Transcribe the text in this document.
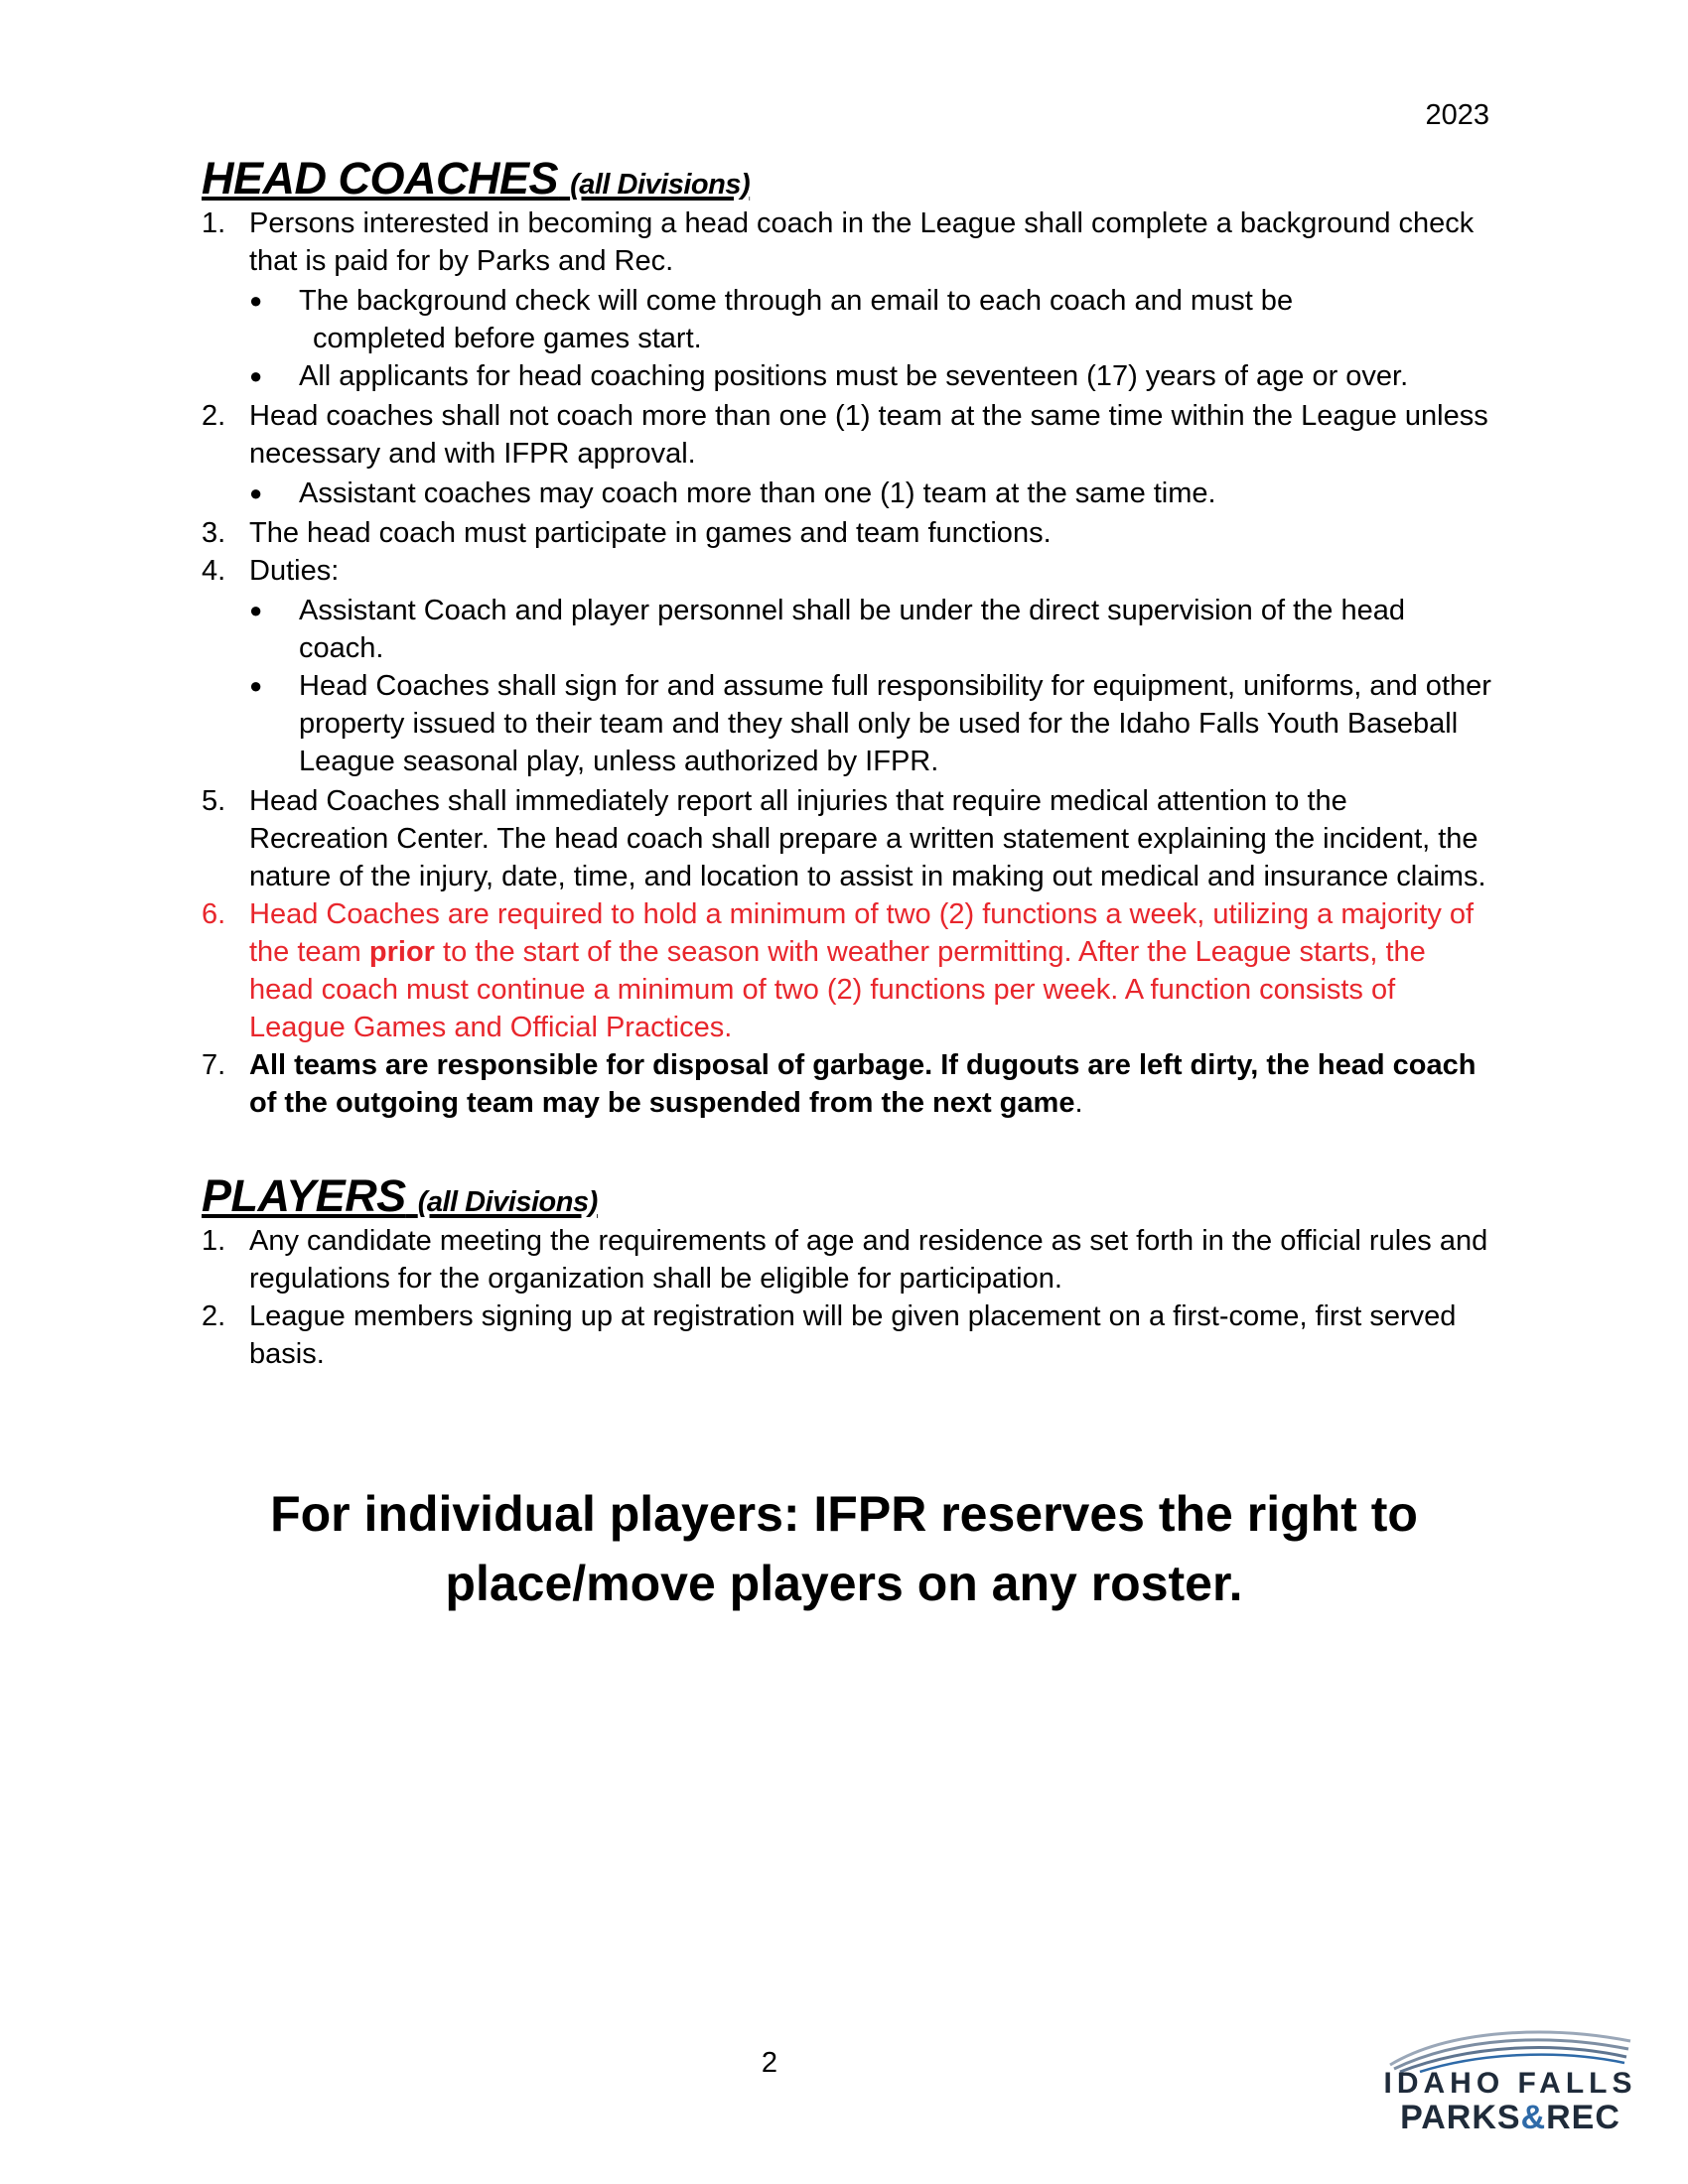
2023
HEAD COACHES (all Divisions)
1. Persons interested in becoming a head coach in the League shall complete a background check that is paid for by Parks and Rec.
● The background check will come through an email to each coach and must be
completed before games start.
● All applicants for head coaching positions must be seventeen (17) years of age or over.
2. Head coaches shall not coach more than one (1) team at the same time within the League unless necessary and with IFPR approval.
● Assistant coaches may coach more than one (1) team at the same time.
3. The head coach must participate in games and team functions.
4. Duties:
● Assistant Coach and player personnel shall be under the direct supervision of the head coach.
● Head Coaches shall sign for and assume full responsibility for equipment, uniforms, and other property issued to their team and they shall only be used for the Idaho Falls Youth Baseball League seasonal play, unless authorized by IFPR.
5. Head Coaches shall immediately report all injuries that require medical attention to the Recreation Center. The head coach shall prepare a written statement explaining the incident, the nature of the injury, date, time, and location to assist in making out medical and insurance claims.
6. Head Coaches are required to hold a minimum of two (2) functions a week, utilizing a majority of the team prior to the start of the season with weather permitting. After the League starts, the head coach must continue a minimum of two (2) functions per week. A function consists of League Games and Official Practices.
7. All teams are responsible for disposal of garbage. If dugouts are left dirty, the head coach of the outgoing team may be suspended from the next game.
PLAYERS (all Divisions)
1. Any candidate meeting the requirements of age and residence as set forth in the official rules and regulations for the organization shall be eligible for participation.
2. League members signing up at registration will be given placement on a first-come, first served basis.
For individual players: IFPR reserves the right to
place/move players on any roster.
2
IDAHO FALLS
PARKS&REC
